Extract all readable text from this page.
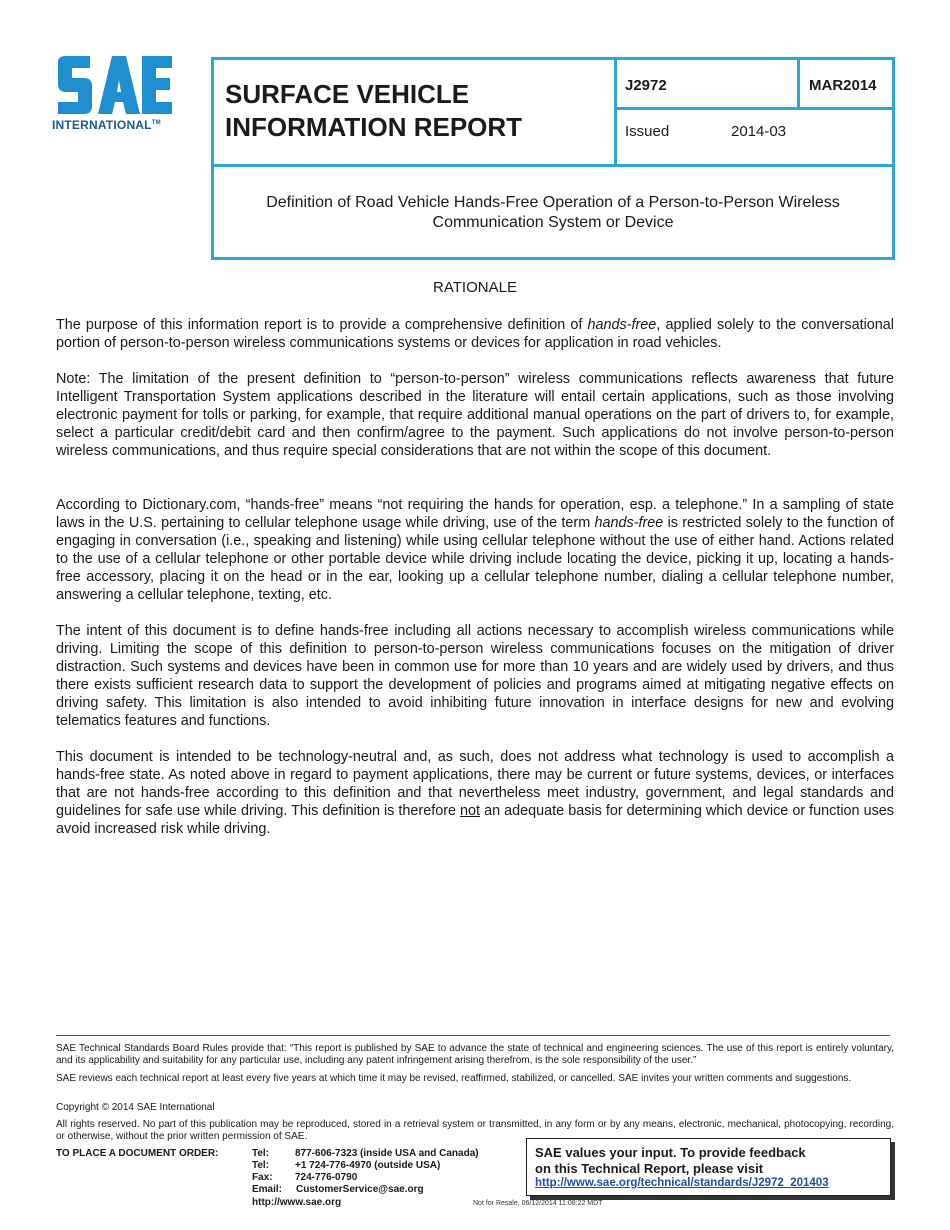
INTERNATIONAL™
SURFACE VEHICLE
INFORMATION REPORT
J2972	MAR2014
Issued	2014-03
Definition of Road Vehicle Hands-Free Operation of a Person-to-Person Wireless
Communication System or Device
RATIONALE

The purpose of this information report is to provide a comprehensive definition of hands-free, applied solely to the conversational portion of person-to-person wireless communications systems or devices for application in road vehicles.

Note: The limitation of the present definition to “person-to-person” wireless communications reflects awareness that future Intelligent Transportation System applications described in the literature will entail certain applications, such as those involving electronic payment for tolls or parking, for example, that require additional manual operations on the part of drivers to, for example, select a particular credit/debit card and then confirm/agree to the payment. Such applications do not involve person-to-person wireless communications, and thus require special considerations that are not within the scope of this document.

According to Dictionary.com, “hands-free” means “not requiring the hands for operation, esp. a telephone.” In a sampling of state laws in the U.S. pertaining to cellular telephone usage while driving, use of the term hands-free is restricted solely to the function of engaging in conversation (i.e., speaking and listening) while using cellular telephone without the use of either hand. Actions related to the use of a cellular telephone or other portable device while driving include locating the device, picking it up, locating a hands-free accessory, placing it on the head or in the ear, looking up a cellular telephone number, dialing a cellular telephone number, answering a cellular telephone, texting, etc.

The intent of this document is to define hands-free including all actions necessary to accomplish wireless communications while driving. Limiting the scope of this definition to person-to-person wireless communications focuses on the mitigation of driver distraction. Such systems and devices have been in common use for more than 10 years and are widely used by drivers, and thus there exists sufficient research data to support the development of policies and programs aimed at mitigating negative effects on driving safety. This limitation is also intended to avoid inhibiting future innovation in interface designs for new and evolving telematics features and functions.

This document is intended to be technology-neutral and, as such, does not address what technology is used to accomplish a hands-free state. As noted above in regard to payment applications, there may be current or future systems, devices, or interfaces that are not hands-free according to this definition and that nevertheless meet industry, government, and legal standards and guidelines for safe use while driving. This definition is therefore not an adequate basis for determining which device or function uses avoid increased risk while driving.

SAE Technical Standards Board Rules provide that: “This report is published by SAE to advance the state of technical and engineering sciences. The use of this report is entirely voluntary, and its applicability and suitability for any particular use, including any patent infringement arising therefrom, is the sole responsibility of the user.”

SAE reviews each technical report at least every five years at which time it may be revised, reaffirmed, stabilized, or cancelled. SAE invites your written comments and suggestions.

Copyright © 2014 SAE International

All rights reserved. No part of this publication may be reproduced, stored in a retrieval system or transmitted, in any form or by any means, electronic, mechanical, photocopying, recording, or otherwise, without the prior written permission of SAE.

TO PLACE A DOCUMENT ORDER:	Tel:	877-606-7323 (inside USA and Canada)
Tel:	+1 724-776-4970 (outside USA)
Fax: 724-776-0790
Email: CustomerService@sae.org
http://www.sae.org	Not for Resale, 06/12/2014 11:08:22 MDT
SAE values your input. To provide feedback
on this Technical Report, please visit
http://www.sae.org/technical/standards/J2972_201403
